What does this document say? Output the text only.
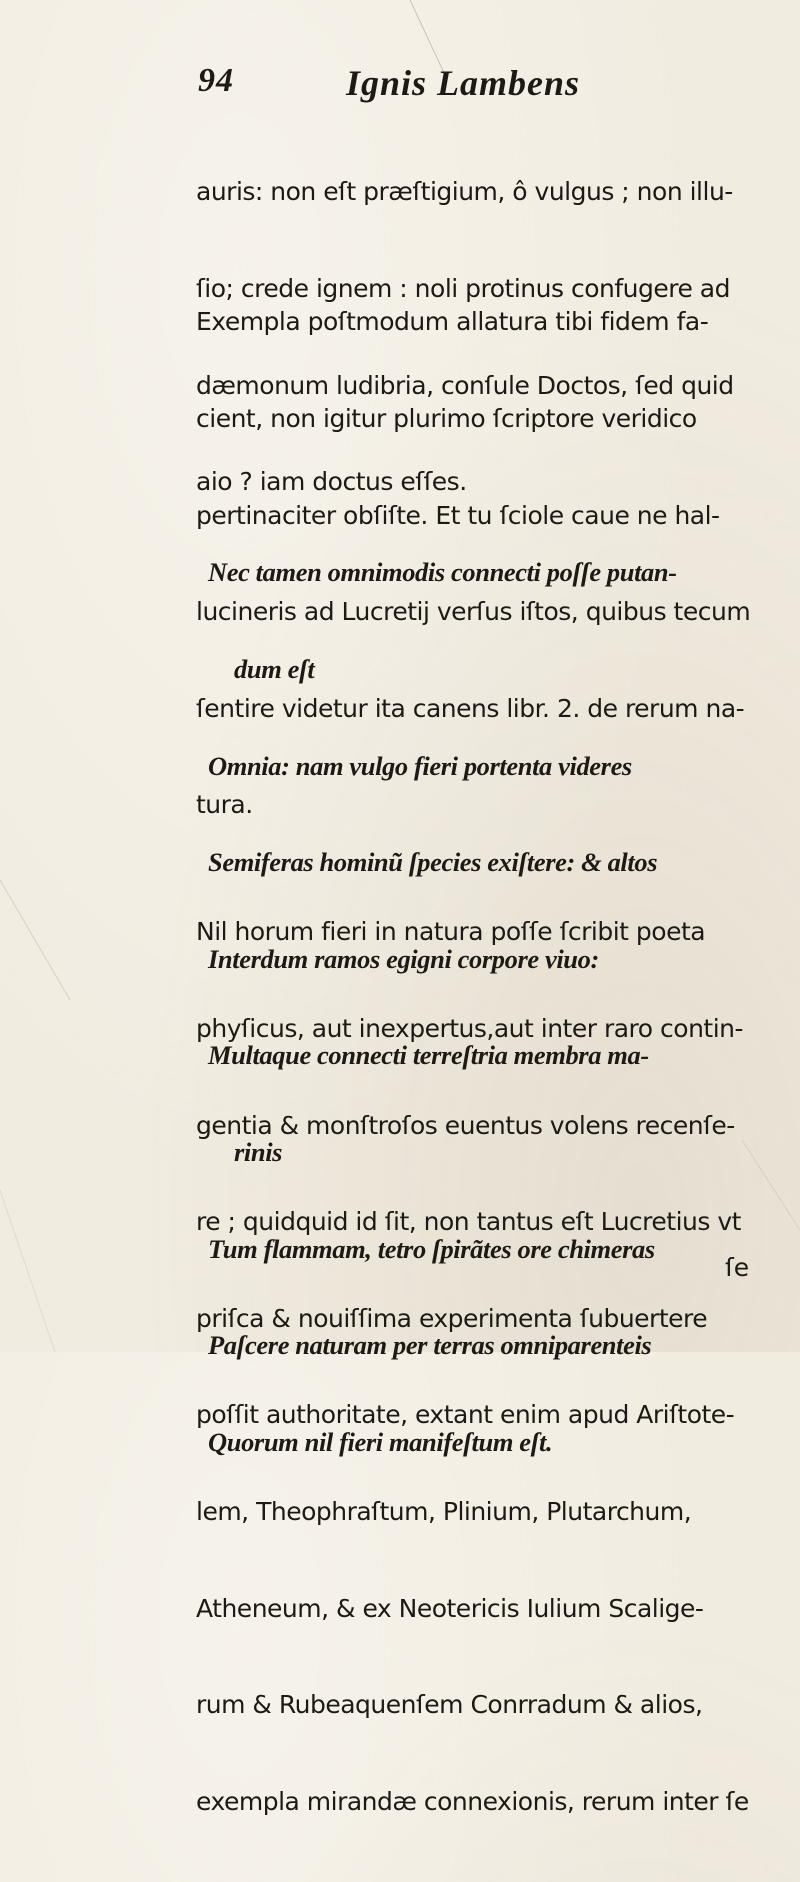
94	Ignis Lambens

auris: non eſt præſtigium, ô vulgus ; non illu-

ſio; crede ignem : noli protinus confugere ad

dæmonum ludibria, conſule Doctos, ſed quid

aio ? iam doctus eſſes.

Exempla poſtmodum allatura tibi fidem fa-

cient, non igitur plurimo ſcriptore veridico

pertinaciter obſiſte. Et tu ſciole caue ne hal-

lucineris ad Lucretij verſus iſtos, quibus tecum

ſentire videtur ita canens libr. 2. de rerum na-

tura.

Nec tamen omnimodis connecti poſſe putan-

dum eſt

Omnia: nam vulgo fieri portenta videres

Semiferas hominũ ſpecies exiſtere: & altos

Interdum ramos egigni corpore viuo:

Multaque connecti terreſtria membra ma-

rinis

Tum flammam, tetro ſpirãtes ore chimeras

Paſcere naturam per terras omniparenteis

Quorum nil fieri manifeſtum eſt.

Nil horum fieri in natura poſſe ſcribit poeta

phyſicus, aut inexpertus,aut inter raro contin-

gentia & monſtroſos euentus volens recenſe-

re ; quidquid id ſit, non tantus eſt Lucretius vt

priſca & nouiſſima experimenta ſubuertere

poſſit authoritate, extant enim apud Ariſtote-

lem, Theophraſtum, Plinium, Plutarchum,

Atheneum, & ex Neotericis Iulium Scalige-

rum & Rubeaquenſem Conrradum & alios,

exempla mirandæ connexionis, rerum inter ſe

ſe
